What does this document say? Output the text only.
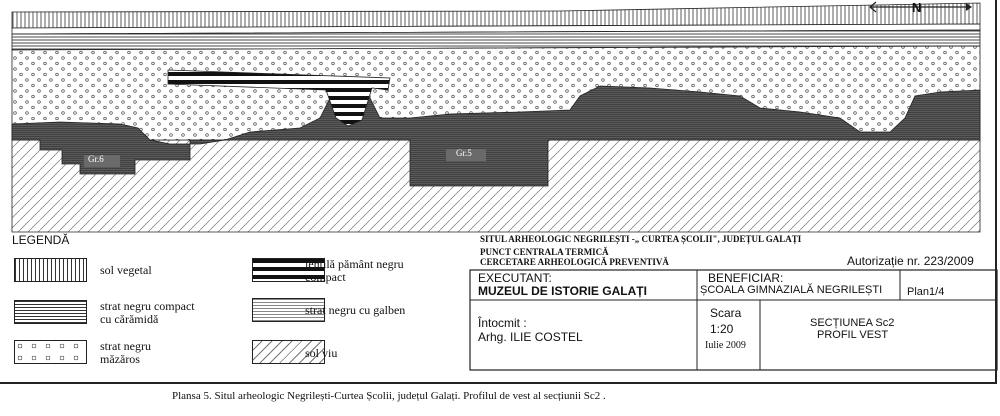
Gr.6
Gr.5
N
LEGENDĂ
sol vegetal
strat negru compact
cu cărămidă
strat negru
măzăros
lentilă pământ negru
compact
strat negru cu galben
sol viu
SITUL ARHEOLOGIC NEGRILEȘTI -„ CURTEA ȘCOLII", JUDEȚUL GALAȚI
PUNCT CENTRALA TERMICĂ
CERCETARE ARHEOLOGICĂ PREVENTIVĂ	Autorizație nr. 223/2009
EXECUTANT:
MUZEUL DE ISTORIE GALAȚI
BENEFICIAR:
ȘCOALA GIMNAZIALĂ NEGRILEȘTI Plan1/4
Întocmit :
Arhg. ILIE COSTEL
Scara
1:20
Iulie 2009
SECȚIUNEA Sc2
PROFIL VEST
Plansa 5. Situl arheologic Negrilești-Curtea Școlii, județul Galați. Profilul de vest al secțiunii Sc2 .
